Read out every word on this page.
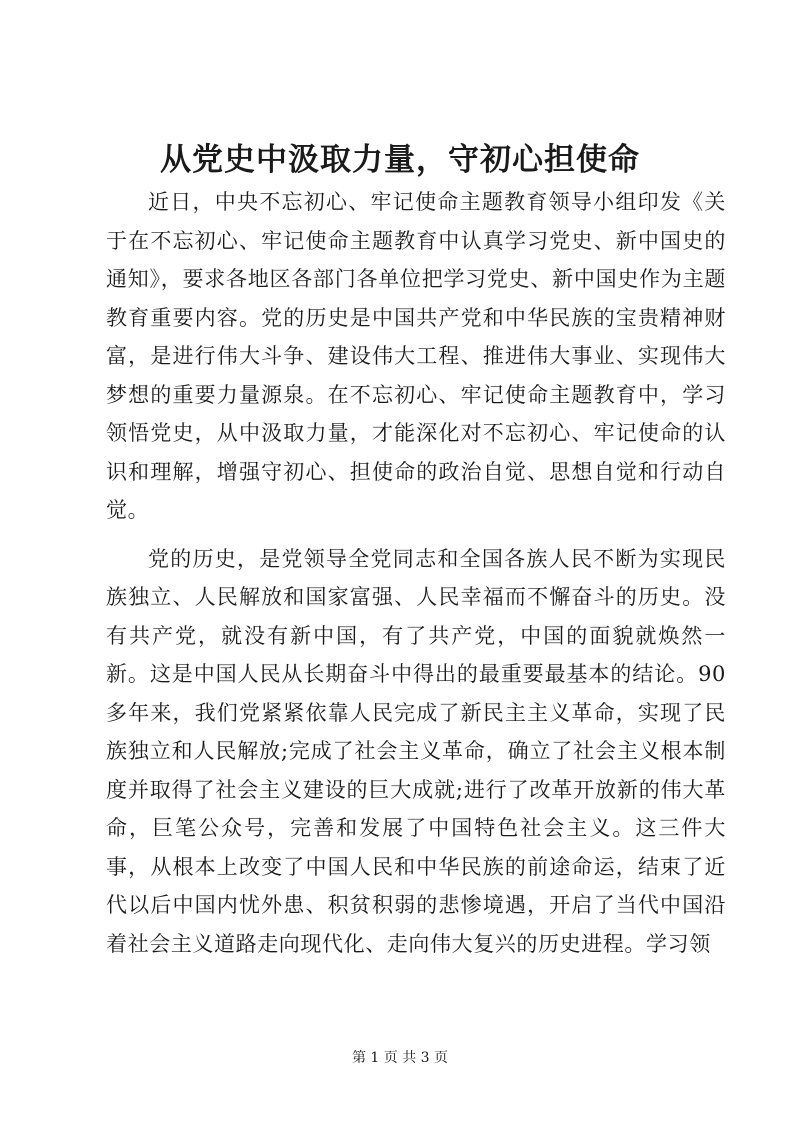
从党史中汲取力量，守初心担使命

近日，中央不忘初心、牢记使命主题教育领导小组印发《关于在不忘初心、牢记使命主题教育中认真学习党史、新中国史的通知》，要求各地区各部门各单位把学习党史、新中国史作为主题教育重要内容。党的历史是中国共产党和中华民族的宝贵精神财富，是进行伟大斗争、建设伟大工程、推进伟大事业、实现伟大梦想的重要力量源泉。在不忘初心、牢记使命主题教育中，学习领悟党史，从中汲取力量，才能深化对不忘初心、牢记使命的认识和理解，增强守初心、担使命的政治自觉、思想自觉和行动自觉。

党的历史，是党领导全党同志和全国各族人民不断为实现民族独立、人民解放和国家富强、人民幸福而不懈奋斗的历史。没有共产党，就没有新中国，有了共产党，中国的面貌就焕然一新。这是中国人民从长期奋斗中得出的最重要最基本的结论。90多年来，我们党紧紧依靠人民完成了新民主主义革命，实现了民族独立和人民解放;完成了社会主义革命，确立了社会主义根本制度并取得了社会主义建设的巨大成就;进行了改革开放新的伟大革命，巨笔公众号，完善和发展了中国特色社会主义。这三件大事，从根本上改变了中国人民和中华民族的前途命运，结束了近代以后中国内忧外患、积贫积弱的悲惨境遇，开启了当代中国沿着社会主义道路走向现代化、走向伟大复兴的历史进程。学习领

第 1 页 共 3 页
